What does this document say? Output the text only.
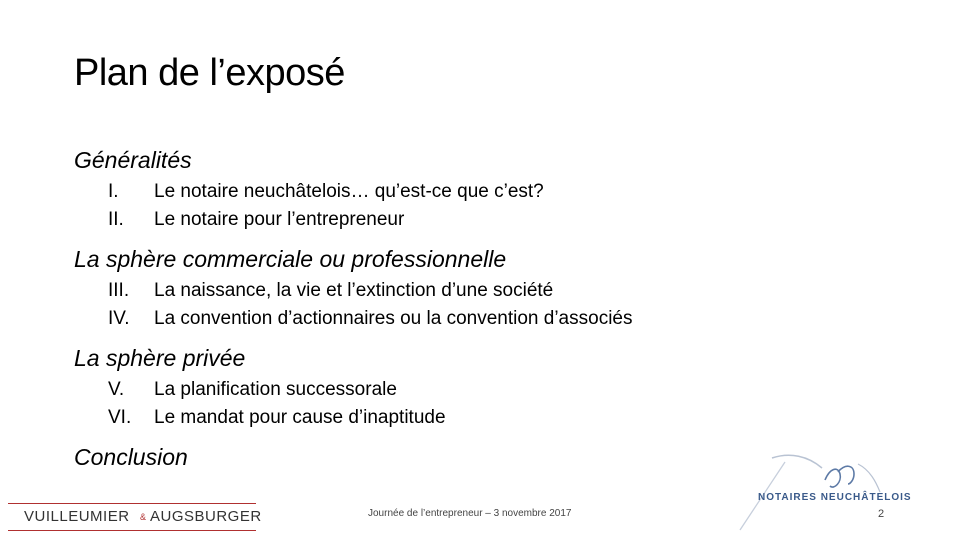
Plan de l’exposé
Généralités
I.	Le notaire neuchâtelois… qu’est-ce que c’est?
II.	Le notaire pour l’entrepreneur
La sphère commerciale ou professionnelle
III.	La naissance, la vie et l’extinction d’une société
IV.	La convention d’actionnaires ou la convention d’associés
La sphère privée
V.	La planification successorale
VI.	Le mandat pour cause d’inaptitude
Conclusion
VUILLEUMIER & AUGSBURGER	Journée de l’entrepreneur – 3 novembre 2017
NOTAIRES NEUCHÂTELOIS
2
